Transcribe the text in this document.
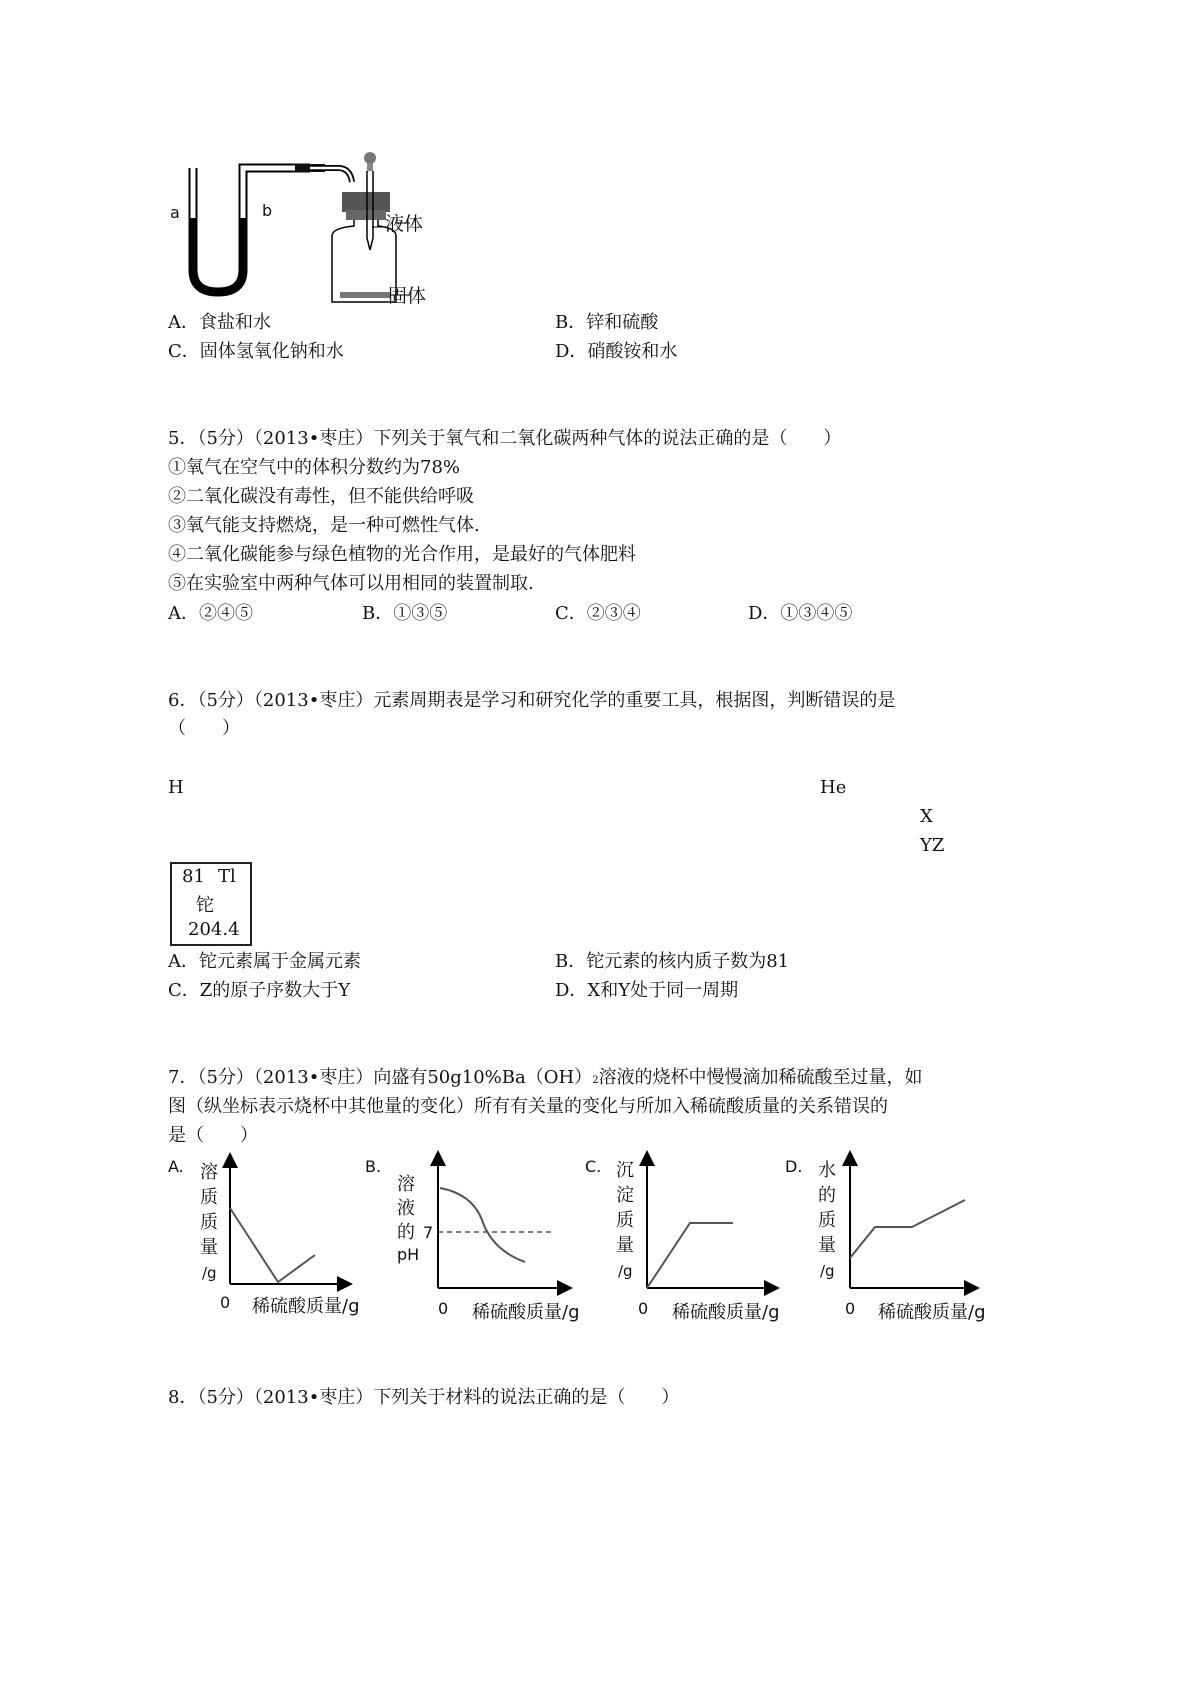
a	b
液体
固体
A．食盐和水	B．锌和硫酸
C．固体氢氧化钠和水	D．硝酸铵和水
5．（5分）（2013•枣庄）下列关于氧气和二氧化碳两种气体的说法正确的是（　　）
①氧气在空气中的体积分数约为78%
②二氧化碳没有毒性，但不能供给呼吸
③氧气能支持燃烧，是一种可燃性气体.
④二氧化碳能参与绿色植物的光合作用，是最好的气体肥料
⑤在实验室中两种气体可以用相同的装置制取.
A．②④⑤	B．①③⑤	C．②③④	D．①③④⑤
6．（5分）（2013•枣庄）元素周期表是学习和研究化学的重要工具，根据图，判断错误的是
（　　）
H	He
X
YZ
81 Tl
铊
204.4
A．铊元素属于金属元素	B．铊元素的核内质子数为81
C．Z的原子序数大于Y	D．X和Y处于同一周期
7．（5分）（2013•枣庄）向盛有50g10%Ba（OH）2溶液的烧杯中慢慢滴加稀硫酸至过量，如
图（纵坐标表示烧杯中其他量的变化）所有有关量的变化与所加入稀硫酸质量的关系错误的
是（　　）
A. 溶
质
质
量
/g
0 稀硫酸质量/g
B.
溶
液
的
pH
7
0 稀硫酸质量/g
C. 沉
淀
质
量
/g
0 稀硫酸质量/g
D. 水
的
质
量
/g
0 稀硫酸质量/g
8．（5分）（2013•枣庄）下列关于材料的说法正确的是（　　）
